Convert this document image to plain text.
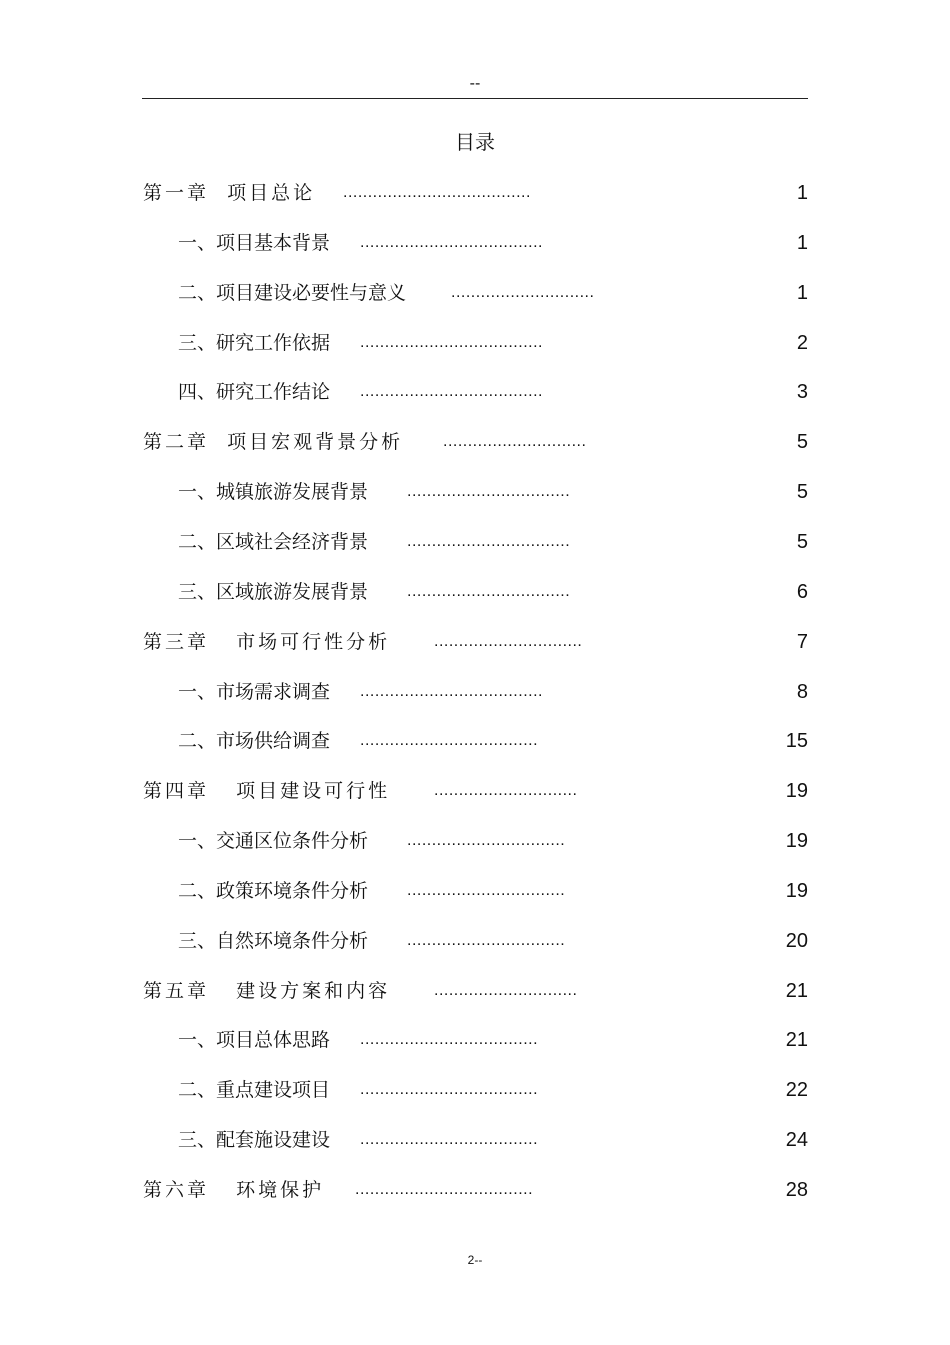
--
目录
第一章  项目总论 ......................................	1
一、项目基本背景 .....................................	1
二、项目建设必要性与意义	.............................	1
三、研究工作依据 .....................................	2
四、研究工作结论 .....................................	3
第二章  项目宏观背景分析 .............................	5
一、城镇旅游发展背景 .................................	5
二、区域社会经济背景 .................................	5
三、区域旅游发展背景 .................................	6
第三章   市场可行性分析	..............................	7
一、市场需求调查 .....................................	8
二、市场供给调查 ....................................	15
第四章   项目建设可行性	.............................	19
一、交通区位条件分析 ................................	19
二、政策环境条件分析 ................................	19
三、自然环境条件分析 ................................	20
第五章   建设方案和内容	.............................	21
一、项目总体思路 ....................................	21
二、重点建设项目 ....................................	22
三、配套施设建设 ....................................	24
第六章   环境保护 ....................................	28
2--
